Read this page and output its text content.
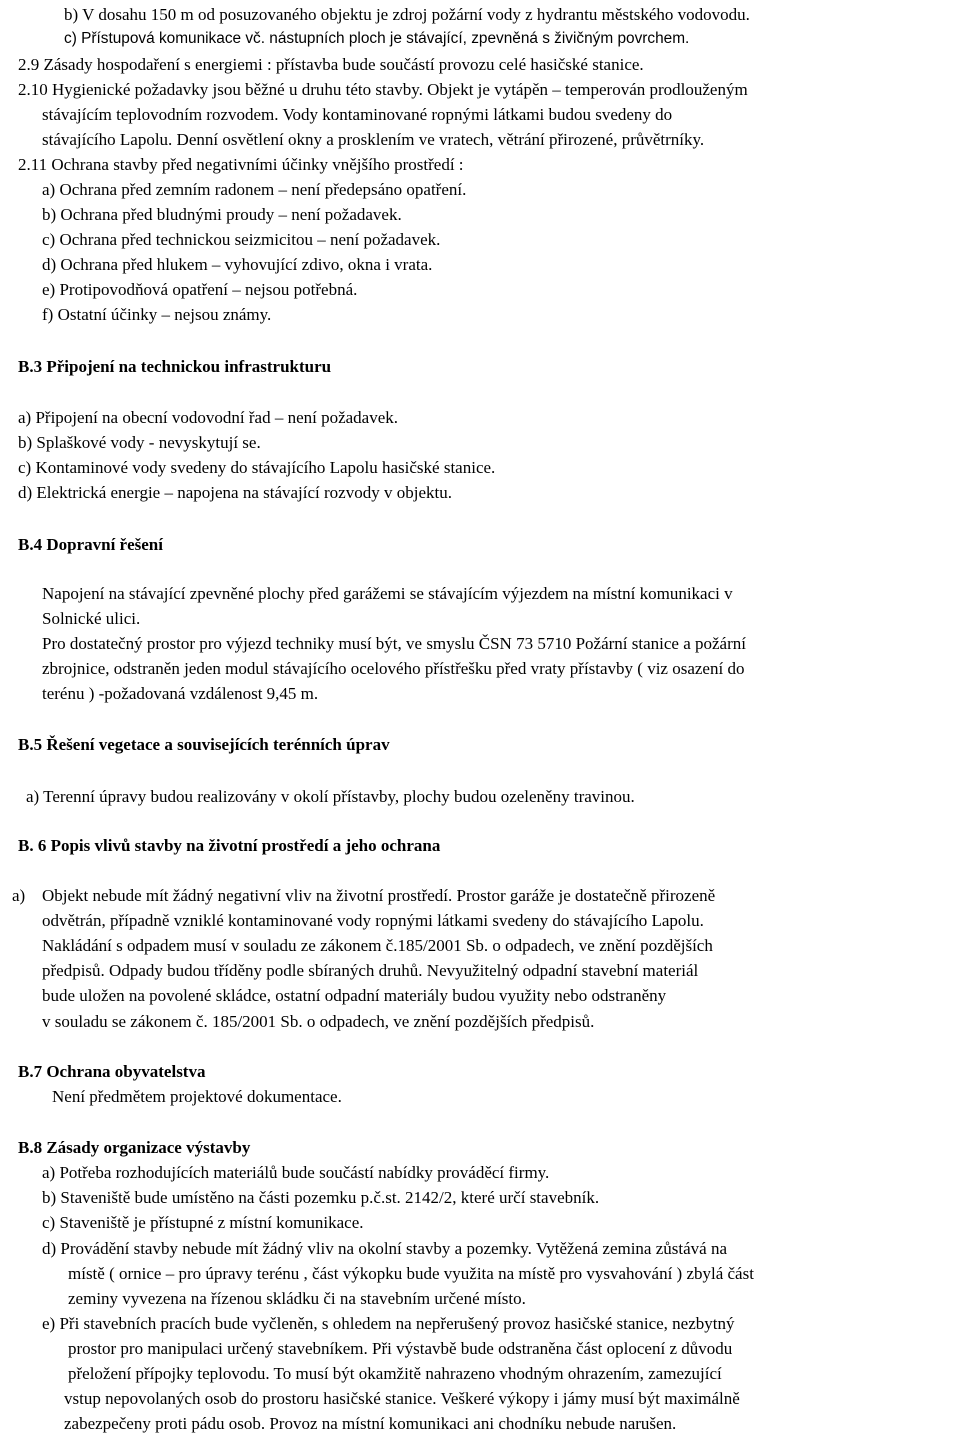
b) V dosahu 150 m od posuzovaného objektu je zdroj požární vody z hydrantu městského vodovodu.
c) Přístupová komunikace vč. nástupních ploch je stávající, zpevněná s živičným povrchem.
2.9 Zásady hospodaření s energiemi : přístavba bude součástí provozu celé hasičské stanice.
2.10 Hygienické požadavky jsou běžné u druhu této stavby. Objekt je vytápěn – temperován prodlouženým
stávajícím teplovodním rozvodem. Vody kontaminované ropnými látkami budou svedeny do
stávajícího Lapolu. Denní osvětlení okny a prosklením ve vratech, větrání přirozené, průvětrníky.
2.11 Ochrana stavby před negativními účinky vnějšího prostředí :
a) Ochrana před zemním radonem – není předepsáno opatření.
b) Ochrana před bludnými proudy – není požadavek.
c) Ochrana před technickou seizmicitou – není požadavek.
d) Ochrana před hlukem – vyhovující zdivo, okna i vrata.
e) Protipovodňová opatření – nejsou potřebná.
f) Ostatní účinky – nejsou známy.
B.3 Připojení na technickou infrastrukturu
a) Připojení na obecní vodovodní řad – není požadavek.
b) Splaškové vody - nevyskytují se.
c) Kontaminové vody svedeny do stávajícího Lapolu hasičské stanice.
d) Elektrická energie – napojena na stávající rozvody v objektu.
B.4 Dopravní řešení
Napojení na stávající zpevněné plochy před garážemi se stávajícím výjezdem na místní komunikaci v
Solnické ulici.
Pro dostatečný prostor pro výjezd techniky musí být, ve smyslu ČSN 73 5710 Požární stanice a požární
zbrojnice, odstraněn jeden modul stávajícího ocelového přístřešku před vraty přístavby ( viz osazení do
terénu ) -požadovaná vzdálenost 9,45 m.
B.5 Řešení vegetace a souvisejících terénních úprav
a) Terenní úpravy budou realizovány v okolí přístavby, plochy budou ozeleněny travinou.
B. 6 Popis vlivů stavby na životní prostředí a jeho ochrana
a) Objekt nebude mít žádný negativní vliv na životní prostředí. Prostor garáže je dostatečně přirozeně
odvětrán, případně vzniklé kontaminované vody ropnými látkami svedeny do stávajícího Lapolu.
Nakládání s odpadem musí v souladu ze zákonem č.185/2001 Sb. o odpadech, ve znění pozdějších
předpisů. Odpady budou tříděny podle sbíraných druhů. Nevyužitelný odpadní stavební materiál
bude uložen na povolené skládce, ostatní odpadní materiály budou využity nebo odstraněny
v souladu se zákonem č. 185/2001 Sb. o odpadech, ve znění pozdějších předpisů.
B.7 Ochrana obyvatelstva
Není předmětem projektové dokumentace.
B.8 Zásady organizace výstavby
a) Potřeba rozhodujících materiálů bude součástí nabídky prováděcí firmy.
b) Staveniště bude umístěno na části pozemku p.č.st. 2142/2, které určí stavebník.
c) Staveniště je přístupné z místní komunikace.
d) Provádění stavby nebude mít žádný vliv na okolní stavby a pozemky. Vytěžená zemina zůstává na
místě ( ornice – pro úpravy terénu , část výkopku bude využita na místě pro vysvahování ) zbylá část
zeminy vyvezena na řízenou skládku či na stavebním určené místo.
e) Při stavebních pracích bude vyčleněn, s ohledem na nepřerušený provoz hasičské stanice, nezbytný
prostor pro manipulaci určený stavebníkem. Při výstavbě bude odstraněna část oplocení z důvodu
přeložení přípojky teplovodu. To musí být okamžitě nahrazeno vhodným ohrazením, zamezující
vstup nepovolaných osob do prostoru hasičské stanice. Veškeré výkopy i jámy musí být maximálně
zabezpečeny proti pádu osob. Provoz na místní komunikaci ani chodníku nebude narušen.
